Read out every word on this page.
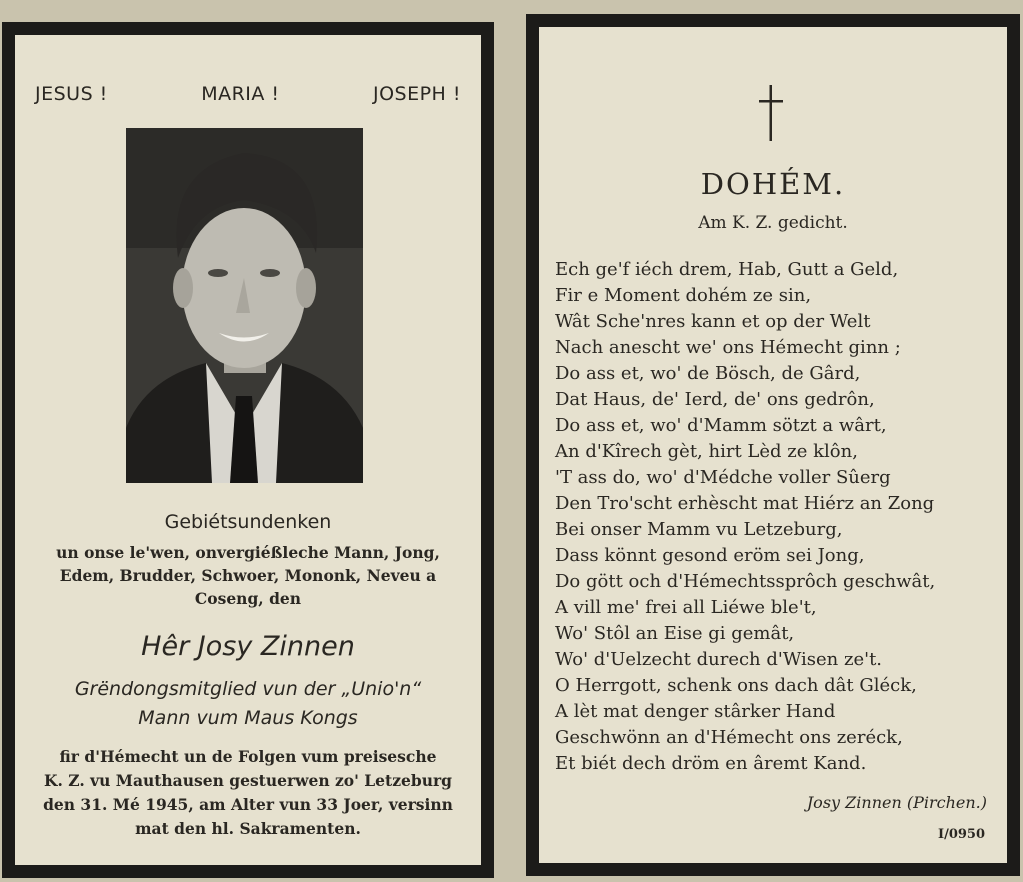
JESUS !	MARIA !	JOSEPH !
Gebiétsundenken
un onse le'wen, onvergiéßleche Mann, Jong,
Edem, Brudder, Schwoer, Mononk, Neveu a
Coseng, den
Hêr Josy Zinnen
Grëndongsmitglied vun der „Unio'n“
Mann vum Maus Kongs
fir d'Hémecht un de Folgen vum preisesche
K. Z. vu Mauthausen gestuerwen zo' Letzeburg
den 31. Mé 1945, am Alter vun 33 Joer, versinn
mat den hl. Sakramenten.
DOHÉM.
Am K. Z. gedicht.
Ech ge'f iéch drem, Hab, Gutt a Geld,
Fir e Moment dohém ze sin,
Wât Sche'nres kann et op der Welt
Nach anescht we' ons Hémecht ginn ;
Do ass et, wo' de Bösch, de Gârd,
Dat Haus, de' Ierd, de' ons gedrôn,
Do ass et, wo' d'Mamm sötzt a wârt,
An d'Kîrech gèt, hirt Lèd ze klôn,
'T ass do, wo' d'Médche voller Sûerg
Den Tro'scht erhèscht mat Hiérz an Zong
Bei onser Mamm vu Letzeburg,
Dass könnt gesond eröm sei Jong,
Do gött och d'Hémechtssprôch geschwât,
A vill me' frei all Liéwe ble't,
Wo' Stôl an Eise gi gemât,
Wo' d'Uelzecht durech d'Wisen ze't.
O Herrgott, schenk ons dach dât Gléck,
A lèt mat denger stârker Hand
Geschwönn an d'Hémecht ons zeréck,
Et biét dech dröm en âremt Kand.
Josy Zinnen (Pirchen.)
I/0950
